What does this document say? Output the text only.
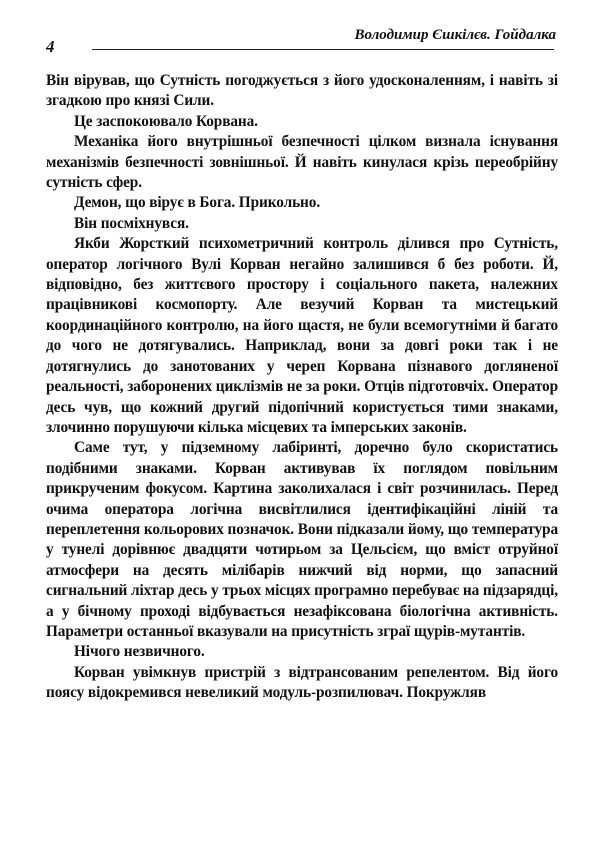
4
Володимир Єшкілєв. Гойдалка

Він вірував, що Сутність погоджується з його удосконаленням, і навіть зі згадкою про князі Сили.

Це заспокоювало Корвана.

Механіка його внутрішньої безпечності цілком визнала існування механізмів безпечності зовнішньої. Й навіть кинулася крізь переобрійну сутність сфер.

Демон, що вірує в Бога. Прикольно.

Він посміхнувся.

Якби Жорсткий психометричний контроль ділився про Сутність, оператор логічного Вулі Корван негайно залишився б без роботи. Й, відповідно, без життєвого простору і соціального пакета, належних працівникові космопорту. Але везучий Корван та мистецький координаційного контролю, на його щастя, не були всемогутніми й багато до чого не дотягувались. Наприклад, вони за довгі роки так і не дотягнулись до занотованих у череп Корвана пізнавого догляненої реальності, заборонених циклізмів не за роки. Отців підготовчіх. Оператор десь чув, що кожний другий підопічний користується тими знаками, злочинно порушуючи кілька місцевих та імперських законів.

Саме тут, у підземному лабіринті, доречно було скористатись подібними знаками. Корван активував їх поглядом повільним прикрученим фокусом. Картина заколихалася і світ розчинилась. Перед очима оператора логічна висвітлилися ідентифікаційні ліній та переплетення кольорових позначок. Вони підказали йому, що температура у тунелі дорівнює двадцяти чотирьом за Цельсієм, що вміст отруйної атмосфери на десять мілібарів нижчий від норми, що запасний сигнальний ліхтар десь у трьох місцях програмно перебуває на підзарядці, а у бічному проході відбувається незафіксована біологічна активність. Параметри останньої вказували на присутність зграї щурів-мутантів.

Нічого незвичного.

Корван увімкнув пристрій з відтрансованим репелентом. Від його поясу відокремився невеликий модуль-розпилювач. Покружляв
